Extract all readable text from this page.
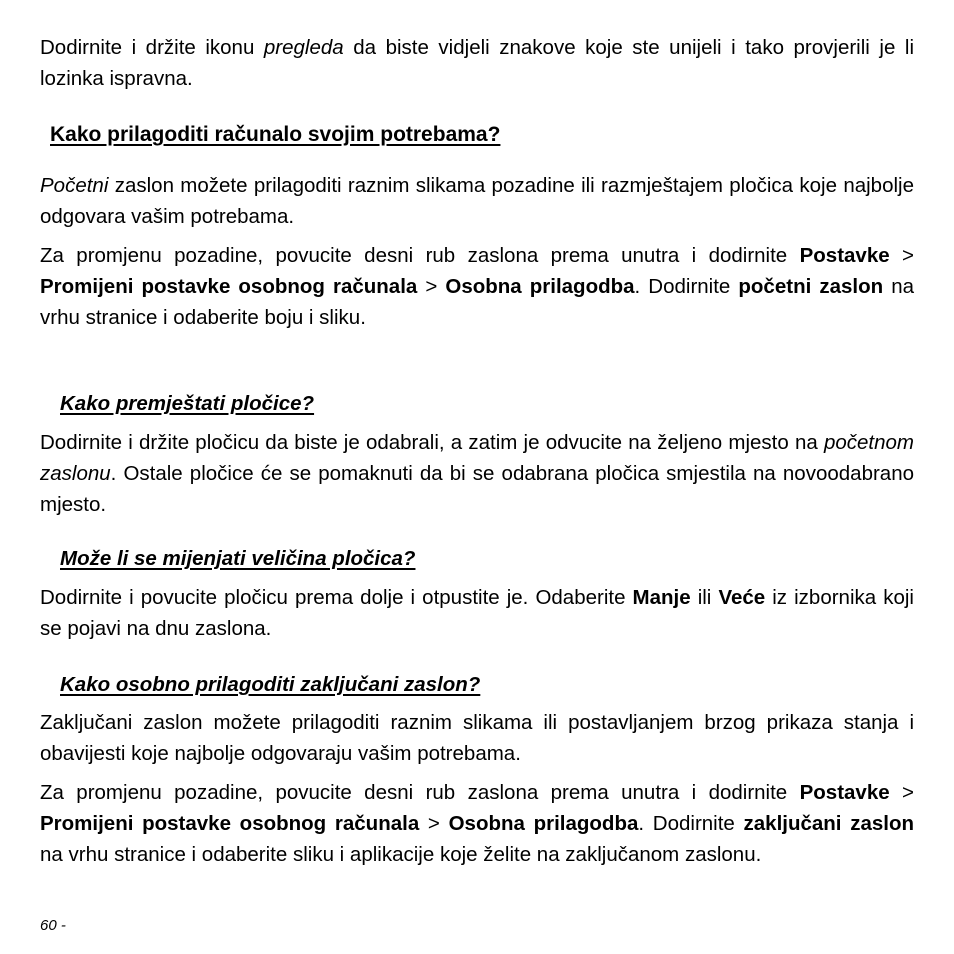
Dodirnite i držite ikonu pregleda da biste vidjeli znakove koje ste unijeli i tako provjerili je li lozinka ispravna.

Kako prilagoditi računalo svojim potrebama?

Početni zaslon možete prilagoditi raznim slikama pozadine ili razmještajem pločica koje najbolje odgovara vašim potrebama.

Za promjenu pozadine, povucite desni rub zaslona prema unutra i dodirnite Postavke > Promijeni postavke osobnog računala > Osobna prilagodba. Dodirnite početni zaslon na vrhu stranice i odaberite boju i sliku.

Kako premještati pločice?

Dodirnite i držite pločicu da biste je odabrali, a zatim je odvucite na željeno mjesto na početnom zaslonu. Ostale pločice će se pomaknuti da bi se odabrana pločica smjestila na novoodabrano mjesto.

Može li se mijenjati veličina pločica?

Dodirnite i povucite pločicu prema dolje i otpustite je. Odaberite Manje ili Veće iz izbornika koji se pojavi na dnu zaslona.

Kako osobno prilagoditi zaključani zaslon?

Zaključani zaslon možete prilagoditi raznim slikama ili postavljanjem brzog prikaza stanja i obavijesti koje najbolje odgovaraju vašim potrebama.

Za promjenu pozadine, povucite desni rub zaslona prema unutra i dodirnite Postavke > Promijeni postavke osobnog računala > Osobna prilagodba. Dodirnite zaključani zaslon na vrhu stranice i odaberite sliku i aplikacije koje želite na zaključanom zaslonu.

60 -
